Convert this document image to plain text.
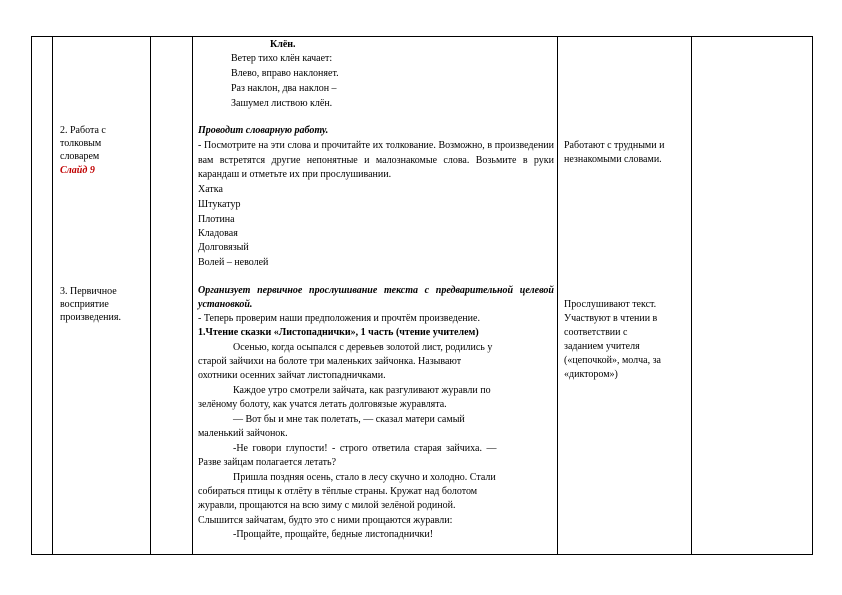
Клён.
Ветер тихо клён качает:
Влево, вправо наклоняет.
Раз наклон, два наклон –
Зашумел листвою клён.
2. Работа с
толковым
словарем
Слайд 9
Проводит словарную работу.
- Посмотрите на эти слова и прочитайте их толкование. Возможно, в произведении вам встретятся другие непонятные и малознакомые слова. Возьмите в руки карандаш и отметьте их при прослушивании.
Хатка
Штукатур
Плотина
Кладовая
Долговязый
Волей – неволей
Работают с трудными и
незнакомыми словами.
3. Первичное
восприятие
произведения.
Организует первичное прослушивание текста с предварительной целевой установкой.
- Теперь проверим наши предположения и прочтём произведение.
1.Чтение сказки «Листопаднички», 1 часть (чтение учителем)
Осенью, когда осыпался с деревьев золотой лист, родились у
старой зайчихи на болоте три маленьких зайчонка. Называют
охотники осенних зайчат листопадничками.
Каждое утро смотрели зайчата, как разгуливают журавли по
зелёному болоту, как учатся летать долговязые журавлята.
— Вот бы и мне так полетать, — сказал матери самый
маленький зайчонок.
-Не говори глупости! - строго ответила старая зайчиха. —
Разве зайцам полагается летать?
Пришла поздняя осень, стало в лесу скучно и холодно. Стали
собираться птицы к отлёту в тёплые страны. Кружат над болотом
журавли, прощаются на всю зиму с милой зелёной родиной.
Слышится зайчатам, будто это с ними прощаются журавли:
-Прощайте, прощайте, бедные листопаднички!
Прослушивают текст.
Участвуют в чтении в
соответствии с
заданием учителя
(«цепочкой», молча, за
«диктором»)
